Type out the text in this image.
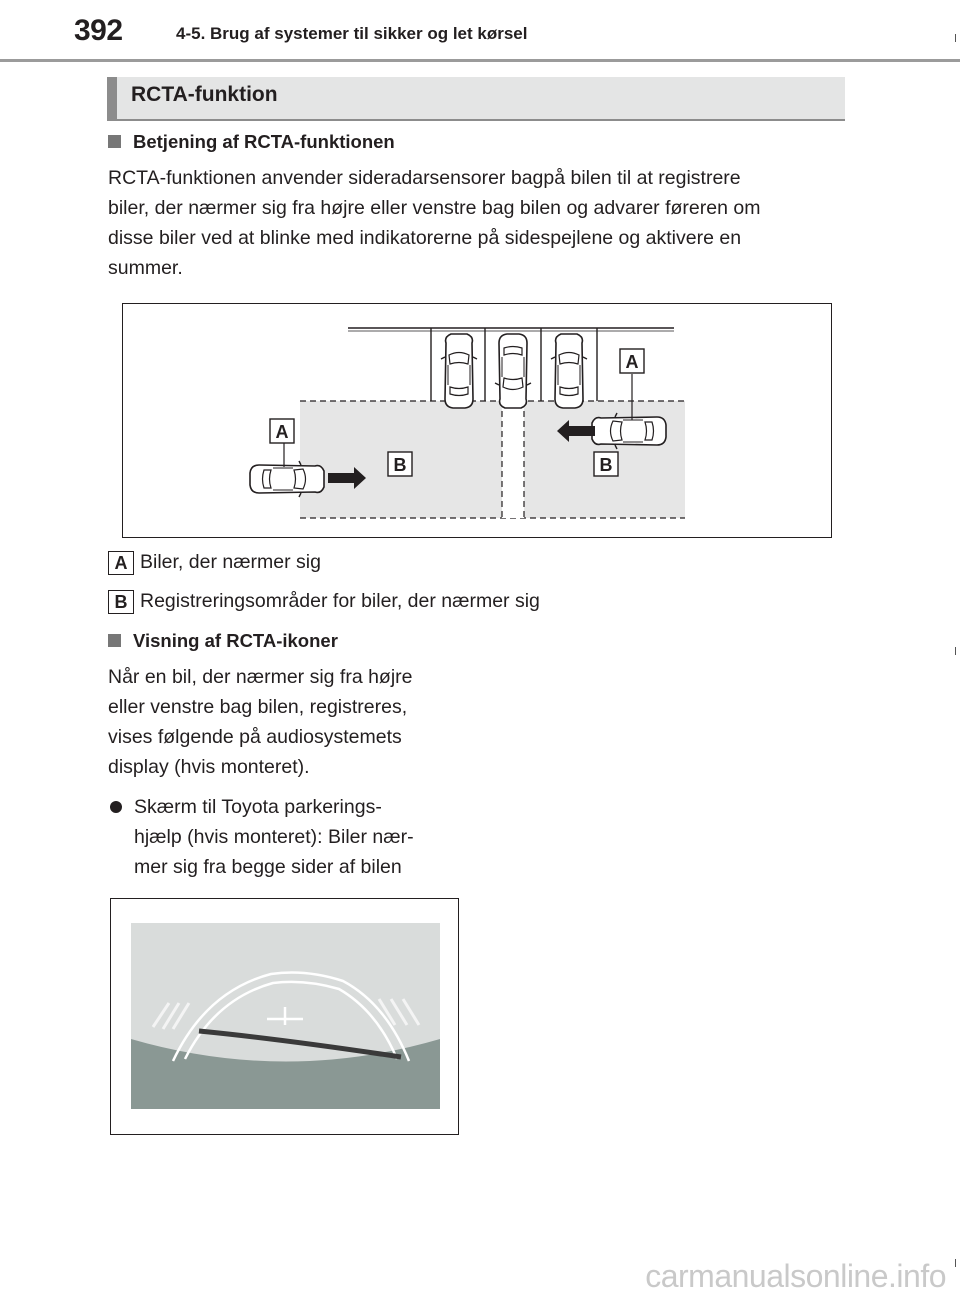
392	4-5. Brug af systemer til sikker og let kørsel
RCTA-funktion
Betjening af RCTA-funktionen
RCTA-funktionen anvender sideradarsensorer bagpå bilen til at registrere
biler, der nærmer sig fra højre eller venstre bag bilen og advarer føreren om
disse biler ved at blinke med indikatorerne på sidespejlene og aktivere en
summer.
A
A
B	B
A Biler, der nærmer sig
B Registreringsområder for biler, der nærmer sig
Visning af RCTA-ikoner
Når en bil, der nærmer sig fra højre
eller venstre bag bilen, registreres,
vises følgende på audiosystemets
display (hvis monteret).
Skærm til Toyota parkerings-
hjælp (hvis monteret): Biler nær-
mer sig fra begge sider af bilen
carmanualsonline.info
